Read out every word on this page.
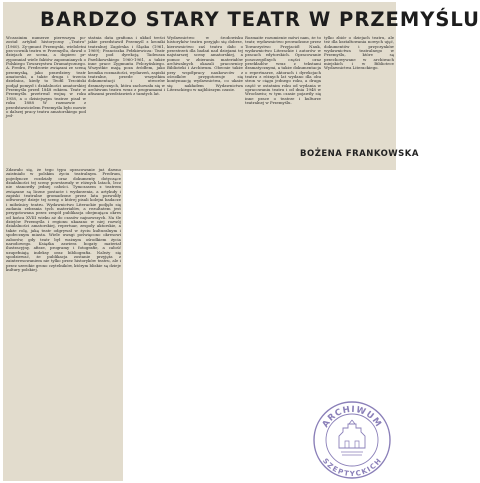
BARDZO STARY TEATR W PRZEMYŚLU
Wczasinim numerze pierwszym po-został artykuł historyczny ,,Teatru" (1960). Zy-gmunt Przemyski, wieloletni pra-cownik teatru w Przemyślu, dawał o dziejach ze scena, a dopiero pr-zypomniał wiele faktów zapomnianych o Polskiego Towarzystwa Dramatycznego. A. Fredro, Fredrowie związani ze sceną przemyską, jako prawdziwy teatr amatorski, a także druga i trzecia dzielnica, kiedy to Teofil Trzciński podjął pomysł i działalności amatorskiej Przemyśla przed 1848 rokiem. Teatr w Przemyślu przetrwał wojnę w roku 1958, a o dzisiejszym teatrze pisał w roku 1888 W rozmowie z przedstawicielem Przemyśla było mowie o dalszej pracy teatru amatorskiego pod jed-
statnia data grafiona i układ treści jakie przedstawił Przemyśl z kroniki teatralnej Zagórska i Śląska (1961, 1969); Franciszka Pełzkiewicza: Teatr stary pod dyrekcją Tadeusza Pawlikowskiego 1960-1961, a także inne prace Zygmunta Felczyńskiego. Wszystkie mają poza źródłem, jako kronika rozmaitości, wydarzeń, zapiski teatralne, przede wszystkim dokumentacji i utworów dramatycznych, która zachowała się w archiwum teatru wraz z programami i afiszami przedstawień z tamtych lat.
Wydawnictwo w środowisku historyków teatru przyjęło się dobrze, kierownictwo zaś teatru dało o przestrzeń dla badań nad dziejami tej najstarszej sceny amatorskiej, a pomoc w zbieraniu materiałów archiwalnych okazali pracownicy Biblioteki i Archiwum. Obecnie także przy współpracy naukowców z ośrodków przygotowuje się kontynuację wydawnictwa, co ukaże się nakładem Wydawnictwa Literackiego w najbliższym czasie.
Rozmaite rozumienie mówi nam, że to teatr, wydawnictwo prowadzone przez Towarzystwo Przyjaciół Nauk, wydawnictwo Literackie i autorów w pracach edytorskich. Opracowanie poszczególnych części oraz przekładów wraz z tekstami dramatycznymi, a także dokumentacja o repertuarze, aktorach i dyrekcjach teatru z różnych lat wydano dla obu stron w ciągu jednego roku, a druga część w ostatnim roku od wydania w opracowaniu teatru i od dnia 1948 w Wrocławiu; w tym czasie pojawiły się inne prace o teatrze i kulturze teatralnej w Przemyślu.
tylko zbiór o dziejach teatru, ale też dla kształtowania nowych ujęć, dokumentów i przyczynków wydawnictwa teatralnego w Przemyślu, które są przechowywane w archiwach miejskich i w Bibliotece Wydawnictwa Literackiego.
Zdawało się, że tego typu opracowanie już dawno zaistniało w polskim życiu teatralnym. Fredrum, pojedyncze rozdziały oraz dokumenty dotyczące działalności tej sceny powstawały w różnych latach, lecz nie stanowiły jednej całości. Tymczasem z teatrem związane są liczne postacie i wydarzenia, a artykuły i zapiski teatralne gromadzone przez lata pozwoliły odtworzyć dzieje tej sceny, o której pisali kolejni badacze i miłośnicy teatru. Wydawnictwo Literackie podjęło się zadania zebrania tych materiałów, a rezultatem jest przygotowana przez zespół publikacja obejmująca okres od końca XVIII wieku aż do czasów najnowszych. Na tle dziejów Przemyśla i regionu ukazano w niej rozwój działalności amatorskiej, repertuar, zespoły aktorskie, a także rolę, jaką teatr odgrywał w życiu kulturalnym i społecznym miasta. Wiele uwagi poświęcono okresowi zaborów, gdy teatr był ważnym ośrodkiem życia narodowego. Książka zawiera bogaty materiał ilustracyjny, afisze, programy i fotografie, a całość uzupełniają indeksy oraz bibliografia. Należy się spodziewać, że publikacja zostanie przyjęta z zainteresowaniem nie tylko przez historyków teatru, ale i przez szerokie grono czytelników, którym bliskie są dzieje kultury polskiej.
BOŻENA FRANKOWSKA
ARCHIWUM
SZEPTYCKICH
